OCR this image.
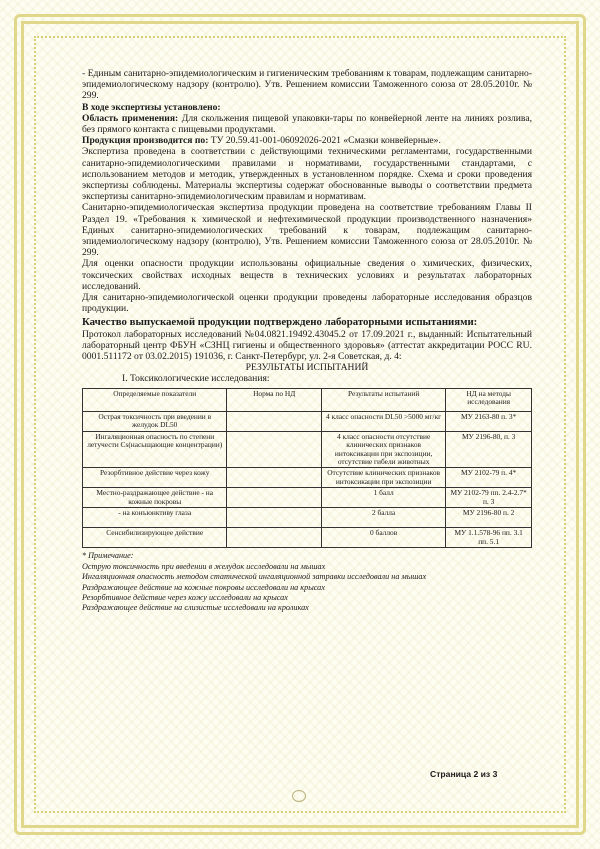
- Единым санитарно-эпидемиологическим и гигиеническим требованиям к товарам, подлежащим санитарно-эпидемиологическому надзору (контролю). Утв. Решением комиссии Таможенного союза от 28.05.2010г. № 299.

В ходе экспертизы установлено:

Область применения: Для скольжения пищевой упаковки-тары по конвейерной ленте на линиях розлива, без прямого контакта с пищевыми продуктами.

Продукция производится по: ТУ 20.59.41-001-06092026-2021 «Смазки конвейерные».

Экспертиза проведена в соответствии с действующими техническими регламентами, государственными санитарно-эпидемиологическими правилами и нормативами, государственными стандартами, с использованием методов и методик, утвержденных в установленном порядке. Схема и сроки проведения экспертизы соблюдены. Материалы экспертизы содержат обоснованные выводы о соответствии предмета экспертизы санитарно-эпидемиологическим правилам и нормативам.

Санитарно-эпидемиологическая экспертиза продукции проведена на соответствие требованиям Главы II Раздел 19. «Требования к химической и нефтехимической продукции производственного назначения» Единых санитарно-эпидемиологических требований к товарам, подлежащим санитарно-эпидемиологическому надзору (контролю), Утв. Решением комиссии Таможенного союза от 28.05.2010г. № 299.

Для оценки опасности продукции использованы официальные сведения о химических, физических, токсических свойствах исходных веществ в технических условиях и результатах лабораторных исследований.

Для санитарно-эпидемиологической оценки продукции проведены лабораторные исследования образцов продукции.

Качество выпускаемой продукции подтверждено лабораторными испытаниями:

Протокол лабораторных исследований №04.0821.19492.43045.2 от 17.09.2021 г., выданный: Испытательный лабораторный центр ФБУН «СЗНЦ гигиены и общественного здоровья» (аттестат аккредитации РОСС RU. 0001.511172 от 03.02.2015) 191036, г. Санкт-Петербург, ул. 2-я Советская, д. 4:

РЕЗУЛЬТАТЫ ИСПЫТАНИЙ

I. Токсикологические исследования:

Определяемые показатели	Норма по НД	Результаты испытаний	НД на методы исследования
Острая токсичность при введении в желудок DL50		4 класс опасности DL50 >5000 мг/кг	МУ 2163-80 п. 3*
Ингаляционная опасность по степени летучести Cs(насыщающие концентрации)		4 класс опасности отсутствие клинических признаков интоксикации при экспозиции, отсутствие гибели животных	МУ 2196-80, п. 3
Резорбтивное действие через кожу		Отсутствие клинических признаков интоксикации при экспозиции	МУ 2102-79 п. 4*
Местно-раздражающее действие - на кожные покровы		1 балл	МУ 2102-79 пп. 2.4-2.7* п. 3
- на конъюнктиву глаза		2 балла	МУ 2196-80 п. 2
Сенсибилизирующее действие		0 баллов	МУ 1.1.578-96 пп. 3.1 пп. 5.1
* Примечание:
Острую токсичность при введении в желудок исследовали на мышах
Ингаляционная опасность методом статической ингаляционной затравки исследовали на мышах
Раздражающее действие на кожные покровы исследовали на крысах
Резорбтивное действие через кожу исследовали на крысах
Раздражающее действие на слизистые исследовали на кроликах
Страница 2 из 3
